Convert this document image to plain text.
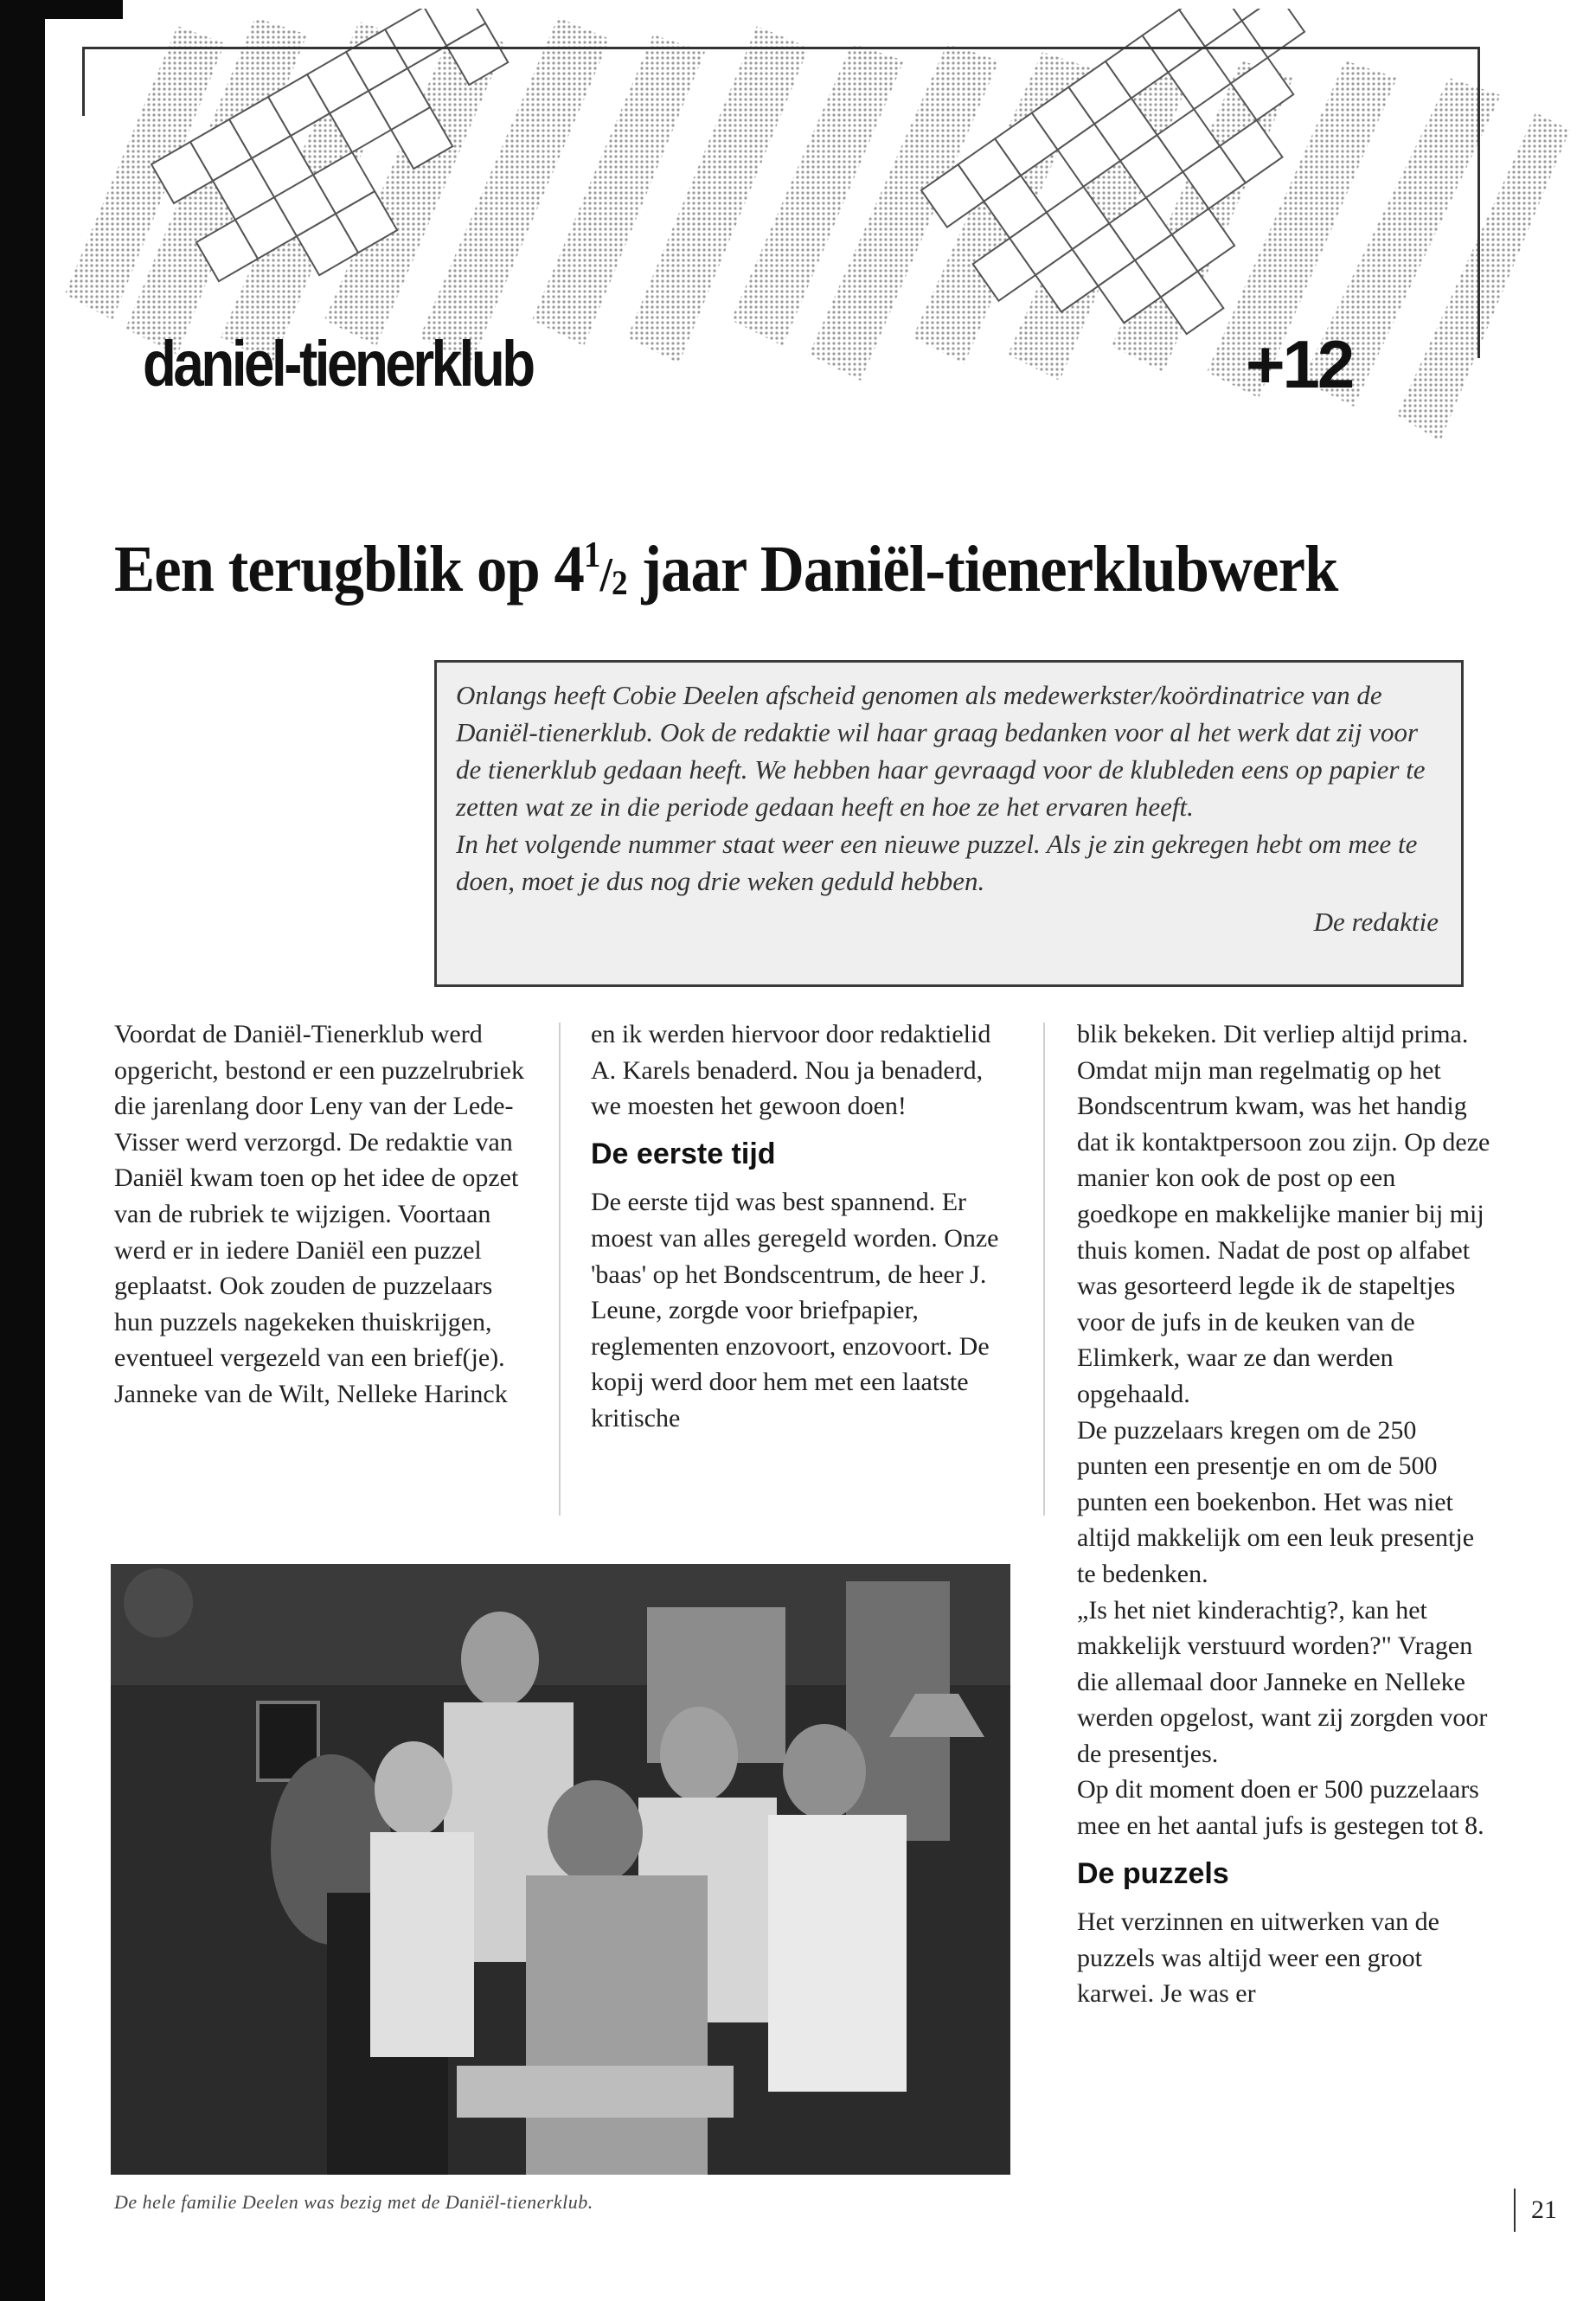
daniel-tienerklub	+12
Een terugblik op $4^1/2$ jaar Daniël-tienerklubwerk

Onlangs heeft Cobie Deelen afscheid genomen als medewerkster/koördinatrice van de Daniël-tienerklub. Ook de redaktie wil haar graag bedanken voor al het werk dat zij voor de tienerklub gedaan heeft. We hebben haar gevraagd voor de klubleden eens op papier te zetten wat ze in die periode gedaan heeft en hoe ze het ervaren heeft.

In het volgende nummer staat weer een nieuwe puzzel. Als je zin gekregen hebt om mee te doen, moet je dus nog drie weken geduld hebben.

De redaktie

Voordat de Daniël-Tienerklub werd opgericht, bestond er een puzzelrubriek die jarenlang door Leny van der Lede-Visser werd verzorgd. De redaktie van Daniël kwam toen op het idee de opzet van de rubriek te wijzigen. Voortaan werd er in iedere Daniël een puzzel geplaatst. Ook zouden de puzzelaars hun puzzels nagekeken thuiskrijgen, eventueel vergezeld van een brief(je). Janneke van de Wilt, Nelleke Harinck

en ik werden hiervoor door redaktielid A. Karels benaderd. Nou ja benaderd, we moesten het gewoon doen!

De eerste tijd

De eerste tijd was best spannend. Er moest van alles geregeld worden. Onze 'baas' op het Bondscentrum, de heer J. Leune, zorgde voor briefpapier, reglementen enzovoort, enzovoort. De kopij werd door hem met een laatste kritische

blik bekeken. Dit verliep altijd prima. Omdat mijn man regelmatig op het Bondscentrum kwam, was het handig dat ik kontaktpersoon zou zijn. Op deze manier kon ook de post op een goedkope en makkelijke manier bij mij thuis komen. Nadat de post op alfabet was gesorteerd legde ik de stapeltjes voor de jufs in de keuken van de Elimkerk, waar ze dan werden opgehaald.

De puzzelaars kregen om de 250 punten een presentje en om de 500 punten een boekenbon. Het was niet altijd makkelijk om een leuk presentje te bedenken.

„Is het niet kinderachtig?, kan het makkelijk verstuurd worden?" Vragen die allemaal door Janneke en Nelleke werden opgelost, want zij zorgden voor de presentjes.

Op dit moment doen er 500 puzzelaars mee en het aantal jufs is gestegen tot 8.

De puzzels

Het verzinnen en uitwerken van de puzzels was altijd weer een groot karwei. Je was er

De hele familie Deelen was bezig met de Daniël-tienerklub.	21
